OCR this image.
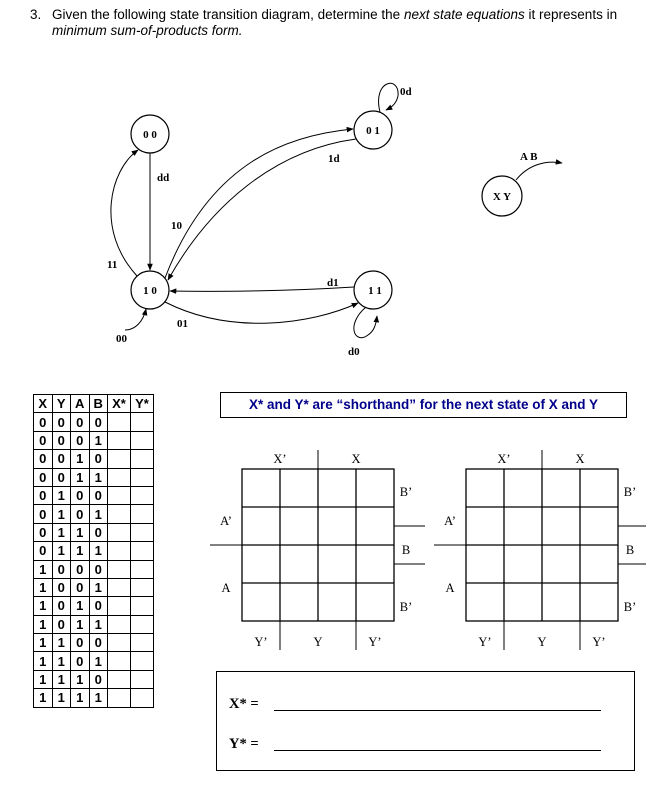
3. Given the following state transition diagram, determine the next state equations it represents in minimum sum-of-products form.
0 0	0 1
1 0	1 1
X Y
0d
1d
dd
10
11
d1
00
01
d0
A B
X	Y	A	B	X*	Y*
0	0	0	0		
0	0	0	1		
0	0	1	0		
0	0	1	1		
0	1	0	0		
0	1	0	1		
0	1	1	0		
0	1	1	1		
1	0	0	0		
1	0	0	1		
1	0	1	0		
1	0	1	1		
1	1	0	0		
1	1	0	1		
1	1	1	0		
1	1	1	1		
X* and Y* are “shorthand” for the next state of X and Y
X’	X
A’
A
B’
B
B’
Y’	Y	Y’
X’	X
A’
A
B’
B
B’
Y’	Y	Y’
X* =
Y* =
